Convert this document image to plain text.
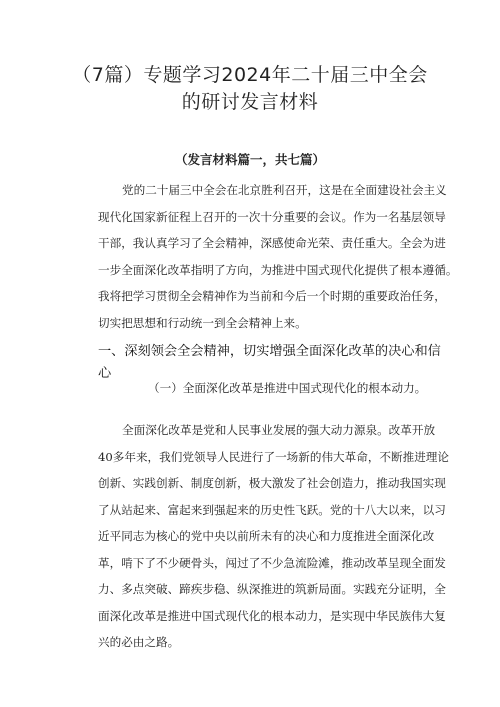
（7篇）专题学习2024年二十届三中全会
的研讨发言材料
（发言材料篇一，共七篇）
党的二十届三中全会在北京胜利召开，这是在全面建设社会主义
现代化国家新征程上召开的一次十分重要的会议。作为一名基层领导
干部，我认真学习了全会精神，深感使命光荣、责任重大。全会为进
一步全面深化改革指明了方向，为推进中国式现代化提供了根本遵循。
我将把学习贯彻全会精神作为当前和今后一个时期的重要政治任务，
切实把思想和行动统一到全会精神上来。
一、深刻领会全会精神，切实增强全面深化改革的决心和信
心
（一）全面深化改革是推进中国式现代化的根本动力。
全面深化改革是党和人民事业发展的强大动力源泉。改革开放
40多年来，我们党领导人民进行了一场新的伟大革命，不断推进理论
创新、实践创新、制度创新，极大激发了社会创造力，推动我国实现
了从站起来、富起来到强起来的历史性飞跃。党的十八大以来，以习
近平同志为核心的党中央以前所未有的决心和力度推进全面深化改
革，啃下了不少硬骨头，闯过了不少急流险滩，推动改革呈现全面发
力、多点突破、蹄疾步稳、纵深推进的筑新局面。实践充分证明，全
面深化改革是推进中国式现代化的根本动力，是实现中华民族伟大复
兴的必由之路。
